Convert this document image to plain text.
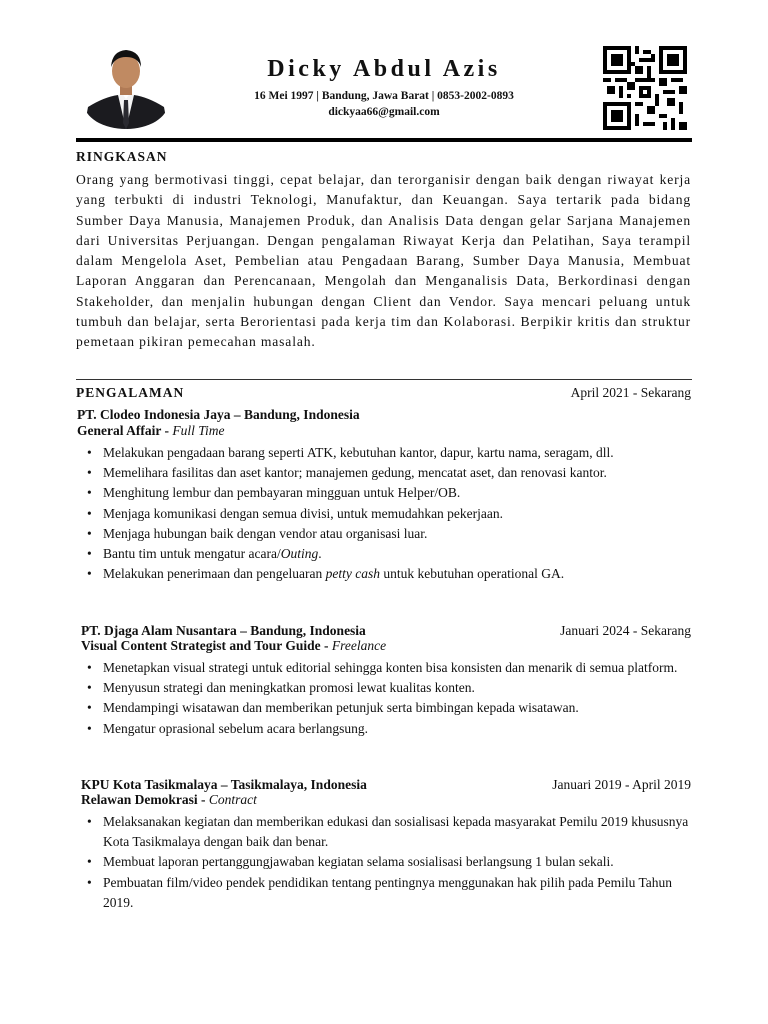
Dicky Abdul Azis
16 Mei 1997 | Bandung, Jawa Barat | 0853-2002-0893
dickyaa66@gmail.com
RINGKASAN
Orang yang bermotivasi tinggi, cepat belajar, dan terorganisir dengan baik dengan riwayat kerja yang terbukti di industri Teknologi, Manufaktur, dan Keuangan. Saya tertarik pada bidang Sumber Daya Manusia, Manajemen Produk, dan Analisis Data dengan gelar Sarjana Manajemen dari Universitas Perjuangan. Dengan pengalaman Riwayat Kerja dan Pelatihan, Saya terampil dalam Mengelola Aset, Pembelian atau Pengadaan Barang, Sumber Daya Manusia, Membuat Laporan Anggaran dan Perencanaan, Mengolah dan Menganalisis Data, Berkordinasi dengan Stakeholder, dan menjalin hubungan dengan Client dan Vendor. Saya mencari peluang untuk tumbuh dan belajar, serta Berorientasi pada kerja tim dan Kolaborasi. Berpikir kritis dan struktur pemetaan pikiran pemecahan masalah.
PENGALAMAN	April 2021 - Sekarang
PT. Clodeo Indonesia Jaya – Bandung, Indonesia
General Affair - Full Time
• Melakukan pengadaan barang seperti ATK, kebutuhan kantor, dapur, kartu nama, seragam, dll.
• Memelihara fasilitas dan aset kantor; manajemen gedung, mencatat aset, dan renovasi kantor.
• Menghitung lembur dan pembayaran mingguan untuk Helper/OB.
• Menjaga komunikasi dengan semua divisi, untuk memudahkan pekerjaan.
• Menjaga hubungan baik dengan vendor atau organisasi luar.
• Bantu tim untuk mengatur acara/Outing.
• Melakukan penerimaan dan pengeluaran petty cash untuk kebutuhan operational GA.
Januari 2024 - Sekarang
PT. Djaga Alam Nusantara – Bandung, Indonesia
Visual Content Strategist and Tour Guide - Freelance
• Menetapkan visual strategi untuk editorial sehingga konten bisa konsisten dan menarik di semua platform.
• Menyusun strategi dan meningkatkan promosi lewat kualitas konten.
• Mendampingi wisatawan dan memberikan petunjuk serta bimbingan kepada wisatawan.
• Mengatur oprasional sebelum acara berlangsung.
Januari 2019 - April 2019
KPU Kota Tasikmalaya – Tasikmalaya, Indonesia
Relawan Demokrasi - Contract
• Melaksanakan kegiatan dan memberikan edukasi dan sosialisasi kepada masyarakat Pemilu 2019 khususnya Kota Tasikmalaya dengan baik dan benar.
• Membuat laporan pertanggungjawaban kegiatan selama sosialisasi berlangsung 1 bulan sekali.
• Pembuatan film/video pendek pendidikan tentang pentingnya menggunakan hak pilih pada Pemilu Tahun 2019.
